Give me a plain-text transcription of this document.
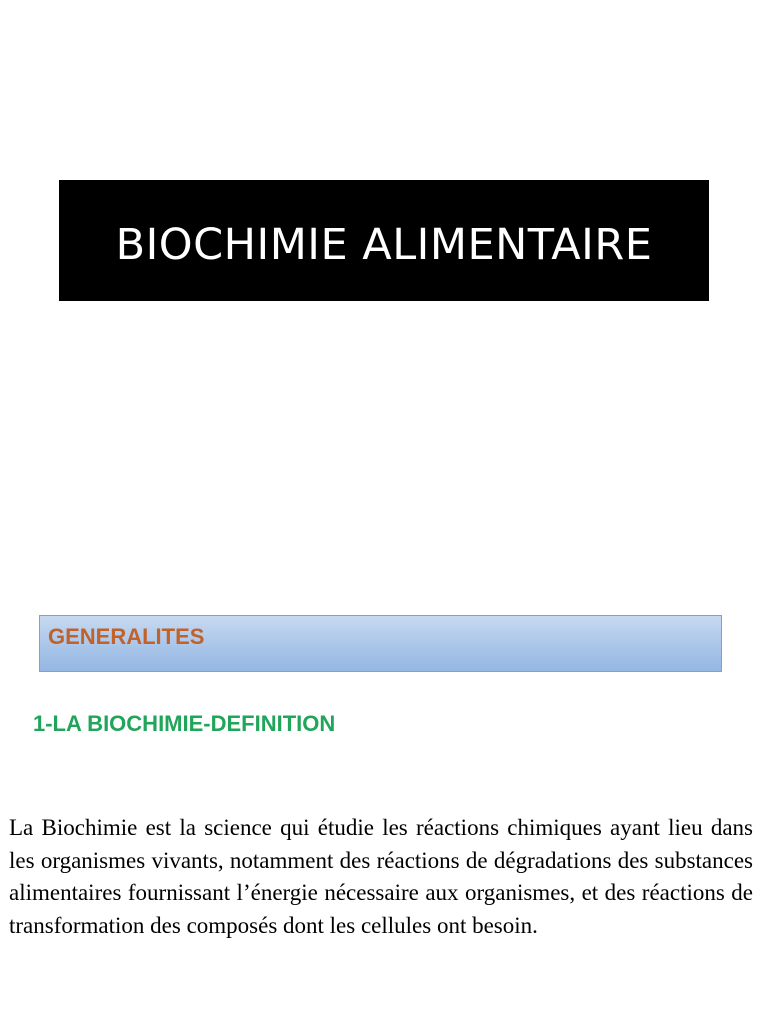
BIOCHIMIE ALIMENTAIRE
GENERALITES
1-LA BIOCHIMIE-DEFINITION

La Biochimie est la science qui étudie les réactions chimiques ayant lieu dans les organismes vivants, notamment des réactions de dégradations des substances alimentaires fournissant l’énergie nécessaire aux organismes, et des réactions de transformation des composés dont les cellules ont besoin.
